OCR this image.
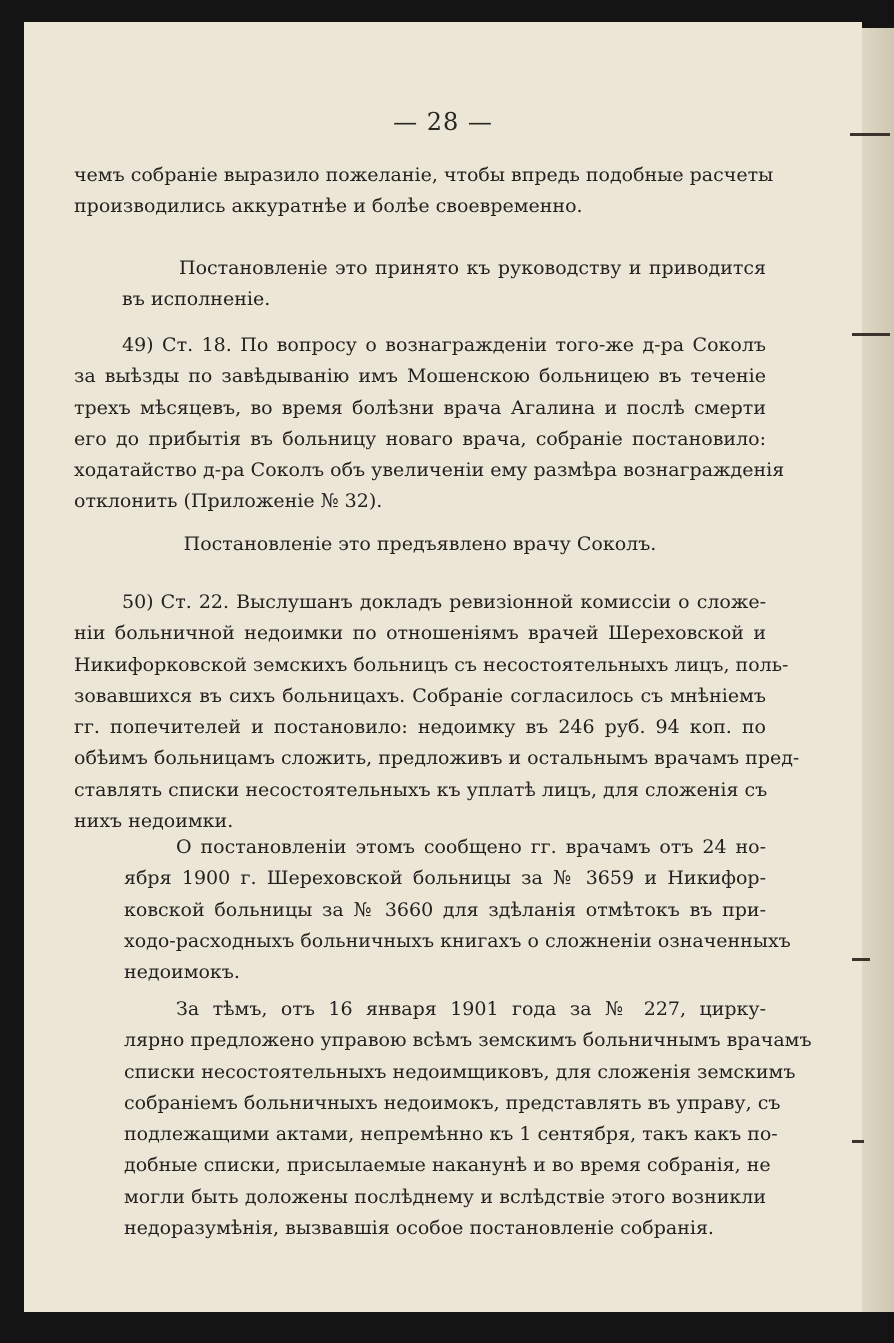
— 28 —
чемъ собраніе выразило пожеланіе, чтобы впредь подобные расчеты
производились аккуратнѣе и болѣе своевременно.
Постановленіе это принято къ руководству и приводится
въ исполненіе.
49) Ст. 18. По вопросу о вознагражденіи того-же д-ра Соколъ
за выѣзды по завѣдыванію имъ Мошенскою больницею въ теченіе
трехъ мѣсяцевъ, во время болѣзни врача Агалина и послѣ смерти
его до прибытія въ больницу новаго врача, собраніе постановило:
ходатайство д-ра Соколъ объ увеличеніи ему размѣра вознагражденія
отклонить (Приложеніе № 32).
Постановленіе это предъявлено врачу Соколъ.
50) Ст. 22. Выслушанъ докладъ ревизіонной комиссіи о сложе-
ніи больничной недоимки по отношеніямъ врачей Шереховской и
Никифорковской земскихъ больницъ съ несостоятельныхъ лицъ, поль-
зовавшихся въ сихъ больницахъ. Собраніе согласилось съ мнѣніемъ
гг. попечителей и постановило: недоимку въ 246 руб. 94 коп. по
обѣимъ больницамъ сложить, предложивъ и остальнымъ врачамъ пред-
ставлять списки несостоятельныхъ къ уплатѣ лицъ, для сложенія съ
нихъ недоимки.
О постановленіи этомъ сообщено гг. врачамъ отъ 24 но-
ября 1900 г. Шереховской больницы за № 3659 и Никифор-
ковской больницы за № 3660 для здѣланія отмѣтокъ въ при-
ходо-расходныхъ больничныхъ книгахъ о сложненіи означенныхъ
недоимокъ.
За тѣмъ, отъ 16 января 1901 года за № 227, цирку-
лярно предложено управою всѣмъ земскимъ больничнымъ врачамъ
списки несостоятельныхъ недоимщиковъ, для сложенія земскимъ
собраніемъ больничныхъ недоимокъ, представлять въ управу, съ
подлежащими актами, непремѣнно къ 1 сентября, такъ какъ по-
добные списки, присылаемые наканунѣ и во время собранія, не
могли быть доложены послѣднему и вслѣдствіе этого возникли
недоразумѣнія, вызвавшія особое постановленіе собранія.
